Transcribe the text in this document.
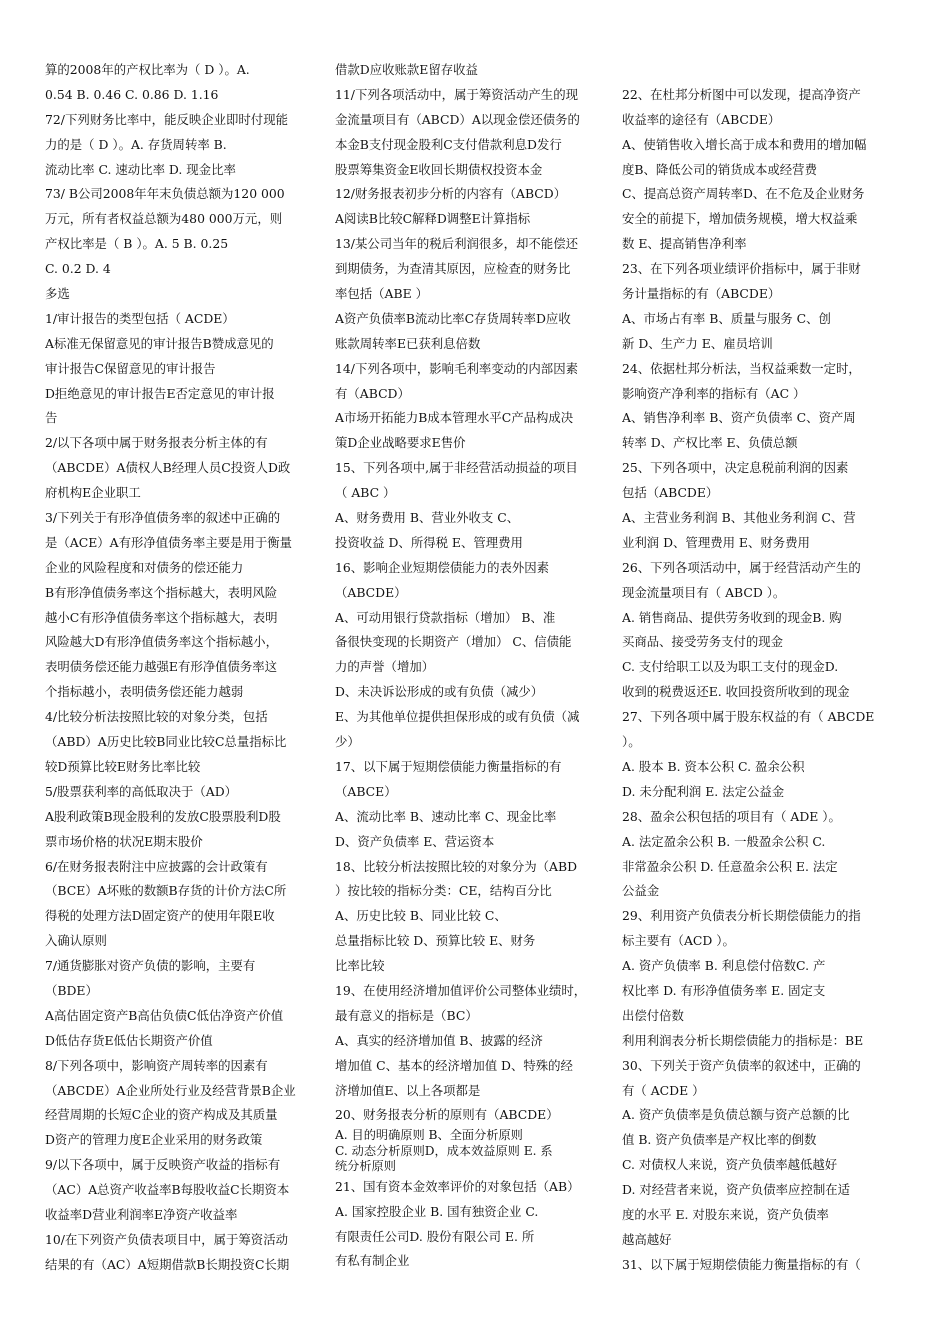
算的2008年的产权比率为（ D ）。A.
0.54 B. 0.46 C. 0.86 D. 1.16
72/下列财务比率中，能反映企业即时付现能
力的是（ D ）。A. 存货周转率 B.
流动比率 C. 速动比率 D. 现金比率
73/ B公司2008年年末负债总额为120 000
万元，所有者权益总额为480 000万元，则
产权比率是（ B ）。A. 5 B. 0.25
C. 0.2 D. 4
多选
1/审计报告的类型包括（ ACDE）
A标准无保留意见的审计报告B赞成意见的
审计报告C保留意见的审计报告
D拒绝意见的审计报告E否定意见的审计报
告
2/以下各项中属于财务报表分析主体的有
（ABCDE）A债权人B经理人员C投资人D政
府机构E企业职工
3/下列关于有形净值债务率的叙述中正确的
是（ACE）A有形净值债务率主要是用于衡量
企业的风险程度和对债务的偿还能力
B有形净值债务率这个指标越大，表明风险
越小C有形净值债务率这个指标越大，表明
风险越大D有形净值债务率这个指标越小，
表明债务偿还能力越强E有形净值债务率这
个指标越小，表明债务偿还能力越弱
4/比较分析法按照比较的对象分类，包括
（ABD）A历史比较B同业比较C总量指标比
较D预算比较E财务比率比较
5/股票获利率的高低取决于（AD）
A股利政策B现金股利的发放C股票股利D股
票市场价格的状况E期末股价
6/在财务报表附注中应披露的会计政策有
（BCE）A坏账的数额B存货的计价方法C所
得税的处理方法D固定资产的使用年限E收
入确认原则
7/通货膨胀对资产负债的影响，主要有
（BDE）
A高估固定资产B高估负债C低估净资产价值
D低估存货E低估长期资产价值
8/下列各项中，影响资产周转率的因素有
（ABCDE）A企业所处行业及经营背景B企业
经营周期的长短C企业的资产构成及其质量
D资产的管理力度E企业采用的财务政策
9/以下各项中，属于反映资产收益的指标有
（AC）A总资产收益率B每股收益C长期资本
收益率D营业利润率E净资产收益率
10/在下列资产负债表项目中，属于筹资活动
结果的有（AC）A短期借款B长期投资C长期
借款D应收账款E留存收益
11/下列各项活动中，属于筹资活动产生的现
金流量项目有（ABCD）A以现金偿还债务的
本金B支付现金股利C支付借款利息D发行
股票筹集资金E收回长期债权投资本金
12/财务报表初步分析的内容有（ABCD）
A阅读B比较C解释D调整E计算指标
13/某公司当年的税后利润很多，却不能偿还
到期债务，为查清其原因，应检查的财务比
率包括（ABE ）
A资产负债率B流动比率C存货周转率D应收
账款周转率E已获利息倍数
14/下列各项中，影响毛利率变动的内部因素
有（ABCD）
A市场开拓能力B成本管理水平C产品构成决
策D企业战略要求E售价
15、下列各项中,属于非经营活动损益的项目
（ ABC ）
A、财务费用 B、营业外收支 C、
投资收益 D、所得税 E、管理费用
16、影响企业短期偿债能力的表外因素
（ABCDE）
A、可动用银行贷款指标（增加） B、准
备很快变现的长期资产（增加） C、信债能
力的声誉（增加）
D、未决诉讼形成的或有负债（减少）
E、为其他单位提供担保形成的或有负债（减
少）
17、以下属于短期偿债能力衡量指标的有
（ABCE）
A、流动比率 B、速动比率 C、现金比率
D、资产负债率 E、营运资本
18、比较分析法按照比较的对象分为（ABD
）按比较的指标分类：CE，结构百分比
A、历史比较 B、同业比较 C、
总量指标比较 D、预算比较 E、财务
比率比较
19、在使用经济增加值评价公司整体业绩时，
最有意义的指标是（BC）
A、真实的经济增加值 B、披露的经济
增加值 C、基本的经济增加值 D、特殊的经
济增加值E、以上各项都是
20、财务报表分析的原则有（ABCDE）
A. 目的明确原则 B、全面分析原则
C. 动态分析原则D，成本效益原则 E. 系
统分析原则
21、国有资本金效率评价的对象包括（AB）
A. 国家控股企业 B. 国有独资企业 C.
有限责任公司D. 股份有限公司 E. 所
有私有制企业
22、在杜邦分析图中可以发现，提高净资产
收益率的途径有（ABCDE）
A、使销售收入增长高于成本和费用的增加幅
度B、降低公司的销货成本或经营费
C、提高总资产周转率D、在不危及企业财务
安全的前提下，增加债务规模，增大权益乘
数 E、提高销售净利率
23、在下列各项业绩评价指标中，属于非财
务计量指标的有（ABCDE）
A、市场占有率 B、质量与服务 C、创
新 D、生产力 E、雇员培训
24、依据杜邦分析法，当权益乘数一定时，
影响资产净利率的指标有（AC ）
A、销售净利率 B、资产负债率 C、资产周
转率 D、产权比率 E、负债总额
25、下列各项中，决定息税前利润的因素
包括（ABCDE）
A、主营业务利润 B、其他业务利润 C、营
业利润 D、管理费用 E、财务费用
26、下列各项活动中，属于经营活动产生的
现金流量项目有（ ABCD ）。
A. 销售商品、提供劳务收到的现金B. 购
买商品、接受劳务支付的现金
C. 支付给职工以及为职工支付的现金D.
收到的税费返还E. 收回投资所收到的现金
27、下列各项中属于股东权益的有（ ABCDE
）。
A. 股本 B. 资本公积 C. 盈余公积
D. 未分配利润 E. 法定公益金
28、盈余公积包括的项目有（ ADE ）。
A. 法定盈余公积 B. 一般盈余公积 C.
非常盈余公积 D. 任意盈余公积 E. 法定
公益金
29、利用资产负债表分析长期偿债能力的指
标主要有（ACD ）。
A. 资产负债率 B. 利息偿付倍数C. 产
权比率 D. 有形净值债务率 E. 固定支
出偿付倍数
利用利润表分析长期偿债能力的指标是：BE
30、下列关于资产负债率的叙述中，正确的
有（ ACDE ）
A. 资产负债率是负债总额与资产总额的比
值 B. 资产负债率是产权比率的倒数
C. 对债权人来说，资产负债率越低越好
D. 对经营者来说，资产负债率应控制在适
度的水平 E. 对股东来说，资产负债率
越高越好
31、以下属于短期偿债能力衡量指标的有（
